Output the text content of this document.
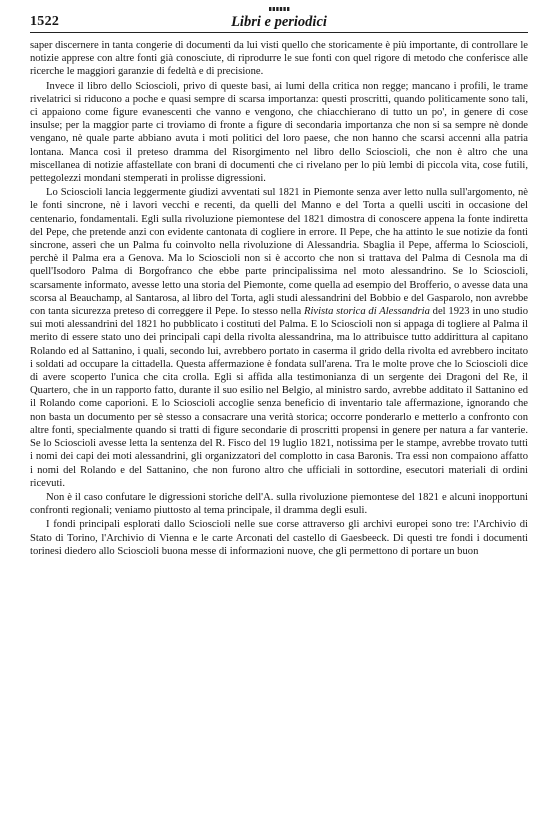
1522	Libri e periodici

saper discernere in tanta congerie di documenti da lui visti quello che storicamente è più importante, di controllare le notizie apprese con altre fonti già conosciute, di riprodurre le sue fonti con quel rigore di metodo che conferisce alle ricerche le maggiori garanzie di fedeltà e di precisione.

Invece il libro dello Scioscioli, privo di queste basi, ai lumi della critica non regge; mancano i profili, le trame rivelatrici si riducono a poche e quasi sempre di scarsa importanza: questi proscritti, quando politicamente sono tali, ci appaiono come figure evanescenti che vanno e vengono, che chiacchierano di tutto un po', in genere di cose insulse; per la maggior parte ci troviamo di fronte a figure di secondaria importanza che non si sa sempre nè donde vengano, nè quale parte abbiano avuta i moti politici del loro paese, che non hanno che scarsi accenni alla patria lontana. Manca così il preteso dramma del Risorgimento nel libro dello Scioscioli, che non è altro che una miscellanea di notizie affastellate con brani di documenti che ci rivelano per lo più lembi di piccola vita, cose futili, pettegolezzi mondani stemperati in prolisse digressioni.

Lo Scioscioli lancia leggermente giudizi avventati sul 1821 in Piemonte senza aver letto nulla sull'argomento, nè le fonti sincrone, nè i lavori vecchi e recenti, da quelli del Manno e del Torta a quelli usciti in occasione del centenario, fondamentali. Egli sulla rivoluzione piemontese del 1821 dimostra di conoscere appena la fonte indiretta del Pepe, che pretende anzi con evidente cantonata di cogliere in errore. Il Pepe, che ha attinto le sue notizie da fonti sincrone, asserì che un Palma fu coinvolto nella rivoluzione di Alessandria. Sbaglia il Pepe, afferma lo Scioscioli, perchè il Palma era a Genova. Ma lo Scioscioli non si è accorto che non si trattava del Palma di Cesnola ma di quell'Isodoro Palma di Borgofranco che ebbe parte principalissima nel moto alessandrino. Se lo Scioscioli, scarsamente informato, avesse letto una storia del Piemonte, come quella ad esempio del Brofferio, o avesse data una scorsa al Beauchamp, al Santarosa, al libro del Torta, agli studi alessandrini del Bobbio e del Gasparolo, non avrebbe con tanta sicurezza preteso di correggere il Pepe. Io stesso nella Rivista storica di Alessandria del 1923 in uno studio sui moti alessandrini del 1821 ho pubblicato i costituti del Palma. E lo Scioscioli non si appaga di togliere al Palma il merito di essere stato uno dei principali capi della rivolta alessandrina, ma lo attribuisce tutto addirittura al capitano Rolando ed al Sattanino, i quali, secondo lui, avrebbero portato in caserma il grido della rivolta ed avrebbero incitato i soldati ad occupare la cittadella. Questa affermazione è fondata sull'arena. Tra le molte prove che lo Scioscioli dice di avere scoperto l'unica che cita crolla. Egli si affida alla testimonianza di un sergente dei Dragoni del Re, il Quartero, che in un rapporto fatto, durante il suo esilio nel Belgio, al ministro sardo, avrebbe additato il Sattanino ed il Rolando come caporioni. E lo Scioscioli accoglie senza beneficio di inventario tale affermazione, ignorando che non basta un documento per sè stesso a consacrare una verità storica; occorre ponderarlo e metterlo a confronto con altre fonti, specialmente quando si tratti di figure secondarie di proscritti propensi in genere per natura a far vanterie. Se lo Scioscioli avesse letta la sentenza del R. Fisco del 19 luglio 1821, notissima per le stampe, avrebbe trovato tutti i nomi dei capi dei moti alessandrini, gli organizzatori del complotto in casa Baronis. Tra essi non compaiono affatto i nomi del Rolando e del Sattanino, che non furono altro che ufficiali in sottordine, esecutori materiali di ordini ricevuti.

Non è il caso confutare le digressioni storiche dell'A. sulla rivoluzione piemontese del 1821 e alcuni inopportuni confronti regionali; veniamo piuttosto al tema principale, il dramma degli esuli.

I fondi principali esplorati dallo Scioscioli nelle sue corse attraverso gli archivi europei sono tre: l'Archivio di Stato di Torino, l'Archivio di Vienna e le carte Arconati del castello di Gaesbeeck. Di questi tre fondi i documenti torinesi diedero allo Scioscioli buona messe di informazioni nuove, che gli permettono di portare un buon
